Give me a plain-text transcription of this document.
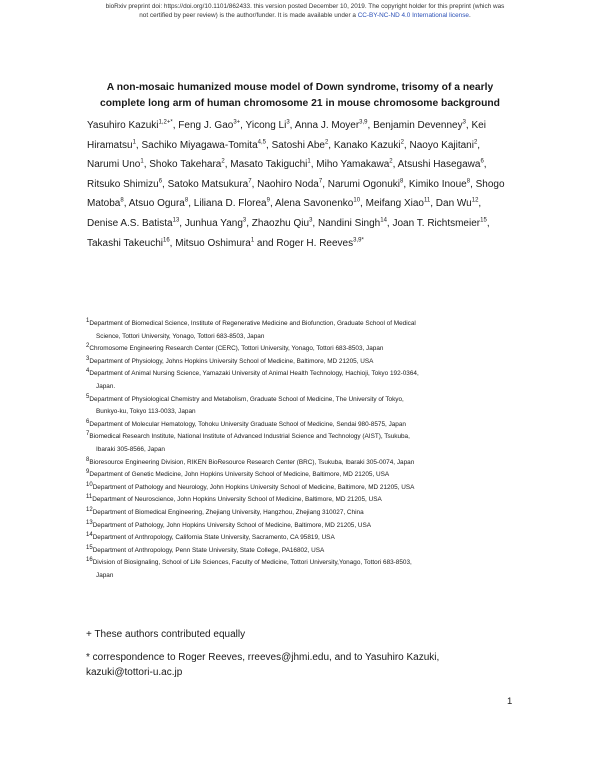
bioRxiv preprint doi: https://doi.org/10.1101/862433. this version posted December 10, 2019. The copyright holder for this preprint (which was
not certified by peer review) is the author/funder. It is made available under a CC-BY-NC-ND 4.0 International license.
A non-mosaic humanized mouse model of Down syndrome, trisomy of a nearly
complete long arm of human chromosome 21 in mouse chromosome background
Yasuhiro Kazuki$^{1,2+*}$, Feng J. Gao$^{3+}$, Yicong Li$^3$, Anna J. Moyer$^{3,9}$, Benjamin Devenney$^3$, Kei Hiramatsu$^1$, Sachiko Miyagawa-Tomita$^{4,5}$, Satoshi Abe$^2$, Kanako Kazuki$^2$, Naoyo Kajitani$^2$, Narumi Uno$^1$, Shoko Takehara$^2$, Masato Takiguchi$^1$, Miho Yamakawa$^2$, Atsushi Hasegawa$^6$, Ritsuko Shimizu$^6$, Satoko Matsukura$^7$, Naohiro Noda$^7$, Narumi Ogonuki$^8$, Kimiko Inoue$^8$, Shogo Matoba$^8$, Atsuo Ogura$^8$, Liliana D. Florea$^9$, Alena Savonenko$^{10}$, Meifang Xiao$^{11}$, Dan Wu$^{12}$, Denise A.S. Batista$^{13}$, Junhua Yang$^3$, Zhaozhu Qiu$^3$, Nandini Singh$^{14}$, Joan T. Richtsmeier$^{15}$, Takashi Takeuchi$^{16}$, Mitsuo Oshimura$^1$ and Roger H. Reeves$^{3,9*}$
$^1$Department of Biomedical Science, Institute of Regenerative Medicine and Biofunction, Graduate School of Medical
Science, Tottori University, Yonago, Tottori 683-8503, Japan
$^2$Chromosome Engineering Research Center (CERC), Tottori University, Yonago, Tottori 683-8503, Japan
$^3$Department of Physiology, Johns Hopkins University School of Medicine, Baltimore, MD 21205, USA
$^4$Department of Animal Nursing Science, Yamazaki University of Animal Health Technology, Hachioji, Tokyo 192-0364,
Japan.
$^5$Department of Physiological Chemistry and Metabolism, Graduate School of Medicine, The University of Tokyo,
Bunkyo-ku, Tokyo 113-0033, Japan
$^6$Department of Molecular Hematology, Tohoku University Graduate School of Medicine, Sendai 980-8575, Japan
$^7$Biomedical Research Institute, National Institute of Advanced Industrial Science and Technology (AIST), Tsukuba,
Ibaraki 305-8566, Japan
$^8$Bioresource Engineering Division, RIKEN BioResource Research Center (BRC), Tsukuba, Ibaraki 305-0074, Japan
$^9$Department of Genetic Medicine, John Hopkins University School of Medicine, Baltimore, MD 21205, USA
$^{10}$Department of Pathology and Neurology, John Hopkins University School of Medicine, Baltimore, MD 21205, USA
$^{11}$Department of Neuroscience, John Hopkins University School of Medicine, Baltimore, MD 21205, USA
$^{12}$Department of Biomedical Engineering, Zhejiang University, Hangzhou, Zhejiang 310027, China
$^{13}$Department of Pathology, John Hopkins University School of Medicine, Baltimore, MD 21205, USA
$^{14}$Department of Anthropology, California State University, Sacramento, CA 95819, USA
$^{15}$Department of Anthropology, Penn State University, State College, PA16802, USA
$^{16}$Division of Biosignaling, School of Life Sciences, Faculty of Medicine, Tottori University,Yonago, Tottori 683-8503,
Japan
+ These authors contributed equally
* correspondence to Roger Reeves, rreeves@jhmi.edu, and to Yasuhiro Kazuki,
kazuki@tottori-u.ac.jp
1
